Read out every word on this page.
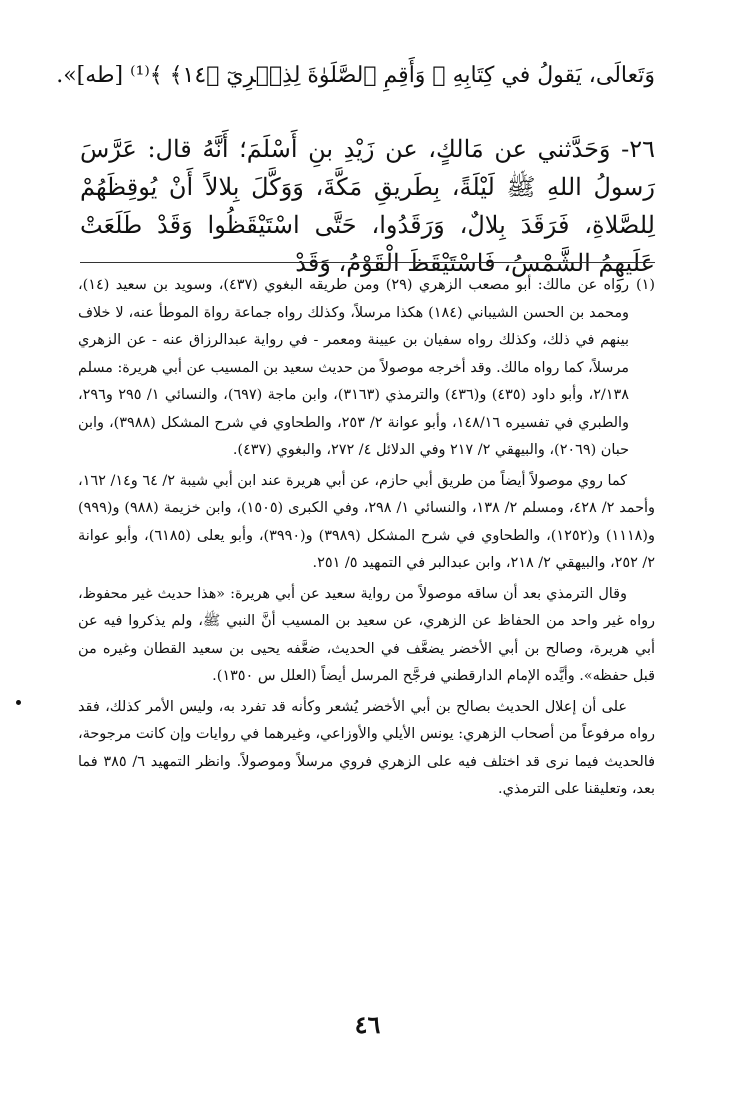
وَتَعالَى، يَقولُ في كِتَابِهِ ﴿ وَأَقِمِ ٱلصَّلَوٰةَ لِذِكۡرِيٓ ﴿١٤﴾ ﴾⁽¹⁾ [طه]».
٢٦- وَحَدَّثني عن مَالكٍ، عن زَيْدِ بنِ أَسْلَمَ؛ أَنَّهُ قال: عَرَّسَ رَسولُ اللهِ ﷺ لَيْلَةً، بِطَريقِ مَكَّةَ، وَوَكَّلَ بِلالاً أَنْ يُوقِظَهُمْ لِلصَّلاةِ، فَرَقَدَ بِلالٌ، وَرَقَدُوا، حَتَّى اسْتَيْقَظُوا وَقَدْ طَلَعَتْ عَلَيهِمُ الشَّمْسُ، فَاسْتَيْقَظَ الْقَوْمُ، وَقَدْ

(١)
رواه عن مالك: أبو مصعب الزهري (٢٩) ومن طريقه البغوي (٤٣٧)، وسويد بن سعيد (١٤)، ومحمد بن الحسن الشيباني (١٨٤) هكذا مرسلاً، وكذلك رواه جماعة رواة الموطأ عنه، لا خلاف بينهم في ذلك، وكذلك رواه سفيان بن عيينة ومعمر - في رواية عبدالرزاق عنه - عن الزهري مرسلاً، كما رواه مالك. وقد أخرجه موصولاً من حديث سعيد بن المسيب عن أبي هريرة: مسلم ٢/١٣٨، وأبو داود (٤٣٥) و(٤٣٦) والترمذي (٣١٦٣)، وابن ماجة (٦٩٧)، والنسائي ١/ ٢٩٥ و٢٩٦، والطبري في تفسيره ١٤٨/١٦، وأبو عوانة ٢/ ٢٥٣، والطحاوي في شرح المشكل (٣٩٨٨)، وابن حبان (٢٠٦٩)، والبيهقي ٢/ ٢١٧ وفي الدلائل ٤/ ٢٧٢، والبغوي (٤٣٧).

كما روي موصولاً أيضاً من طريق أبي حازم، عن أبي هريرة عند ابن أبي شيبة ٢/ ٦٤ و١٤/ ١٦٢، وأحمد ٢/ ٤٢٨، ومسلم ٢/ ١٣٨، والنسائي ١/ ٢٩٨، وفي الكبرى (١٥٠٥)، وابن خزيمة (٩٨٨) و(٩٩٩) و(١١١٨) و(١٢٥٢)، والطحاوي في شرح المشكل (٣٩٨٩) و(٣٩٩٠)، وأبو يعلى (٦١٨٥)، وأبو عوانة ٢/ ٢٥٢، والبيهقي ٢/ ٢١٨، وابن عبدالبر في التمهيد ٥/ ٢٥١.

وقال الترمذي بعد أن ساقه موصولاً من رواية سعيد عن أبي هريرة: «هذا حديث غير محفوظ، رواه غير واحد من الحفاظ عن الزهري، عن سعيد بن المسيب أنَّ النبي ﷺ، ولم يذكروا فيه عن أبي هريرة، وصالح بن أبي الأخضر يضعَّف في الحديث، ضعَّفه يحيى بن سعيد القطان وغيره من قبل حفظه». وأيَّده الإمام الدارقطني فرجَّح المرسل أيضاً (العلل س ١٣٥٠).

على أن إعلال الحديث بصالح بن أبي الأخضر يُشعر وكأنه قد تفرد به، وليس الأمر كذلك، فقد رواه مرفوعاً من أصحاب الزهري: يونس الأيلي والأوزاعي، وغيرهما في روايات وإن كانت مرجوحة، فالحديث فيما نرى قد اختلف فيه على الزهري فروي مرسلاً وموصولاً. وانظر التمهيد ٦/ ٣٨٥ فما بعد، وتعليقنا على الترمذي.

٤٦
